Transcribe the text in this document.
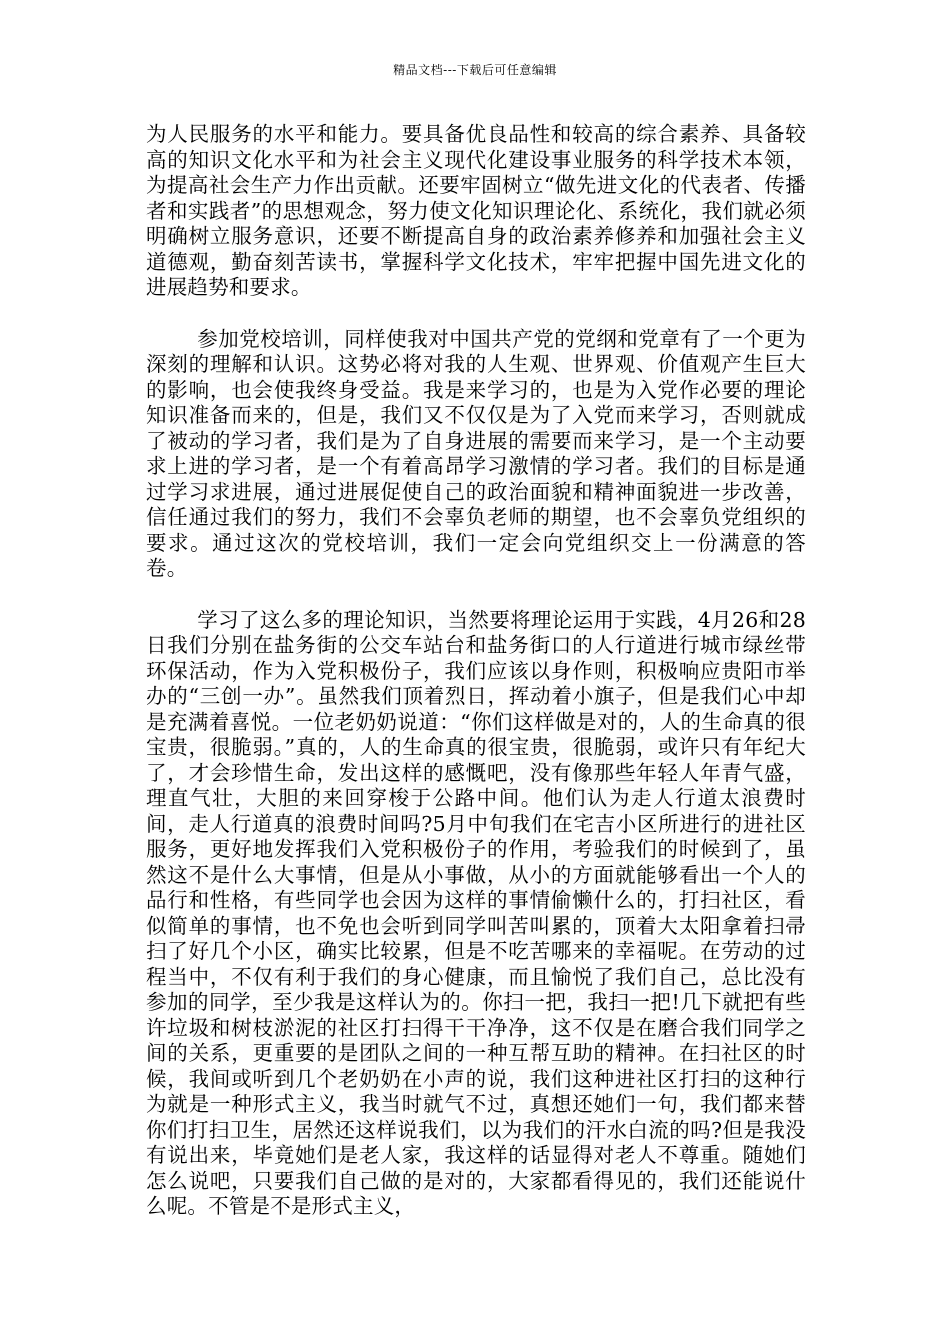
精品文档---下载后可任意编辑

为人民服务的水平和能力。要具备优良品性和较高的综合素养、具备较高的知识文化水平和为社会主义现代化建设事业服务的科学技术本领，为提高社会生产力作出贡献。还要牢固树立“做先进文化的代表者、传播者和实践者”的思想观念，努力使文化知识理论化、系统化，我们就必须明确树立服务意识，还要不断提高自身的政治素养修养和加强社会主义道德观，勤奋刻苦读书，掌握科学文化技术，牢牢把握中国先进文化的进展趋势和要求。

参加党校培训，同样使我对中国共产党的党纲和党章有了一个更为深刻的理解和认识。这势必将对我的人生观、世界观、价值观产生巨大的影响，也会使我终身受益。我是来学习的，也是为入党作必要的理论知识准备而来的，但是，我们又不仅仅是为了入党而来学习，否则就成了被动的学习者，我们是为了自身进展的需要而来学习，是一个主动要求上进的学习者，是一个有着高昂学习激情的学习者。我们的目标是通过学习求进展，通过进展促使自己的政治面貌和精神面貌进一步改善，信任通过我们的努力，我们不会辜负老师的期望，也不会辜负党组织的要求。通过这次的党校培训，我们一定会向党组织交上一份满意的答卷。

学习了这么多的理论知识，当然要将理论运用于实践，4月26和28日我们分别在盐务街的公交车站台和盐务街口的人行道进行城市绿丝带环保活动，作为入党积极份子，我们应该以身作则，积极响应贵阳市举办的“三创一办”。虽然我们顶着烈日，挥动着小旗子，但是我们心中却是充满着喜悦。一位老奶奶说道：“你们这样做是对的，人的生命真的很宝贵，很脆弱。”真的，人的生命真的很宝贵，很脆弱，或许只有年纪大了，才会珍惜生命，发出这样的感慨吧，没有像那些年轻人年青气盛，理直气壮，大胆的来回穿梭于公路中间。他们认为走人行道太浪费时间，走人行道真的浪费时间吗?5月中旬我们在宅吉小区所进行的进社区服务，更好地发挥我们入党积极份子的作用，考验我们的时候到了，虽然这不是什么大事情，但是从小事做，从小的方面就能够看出一个人的品行和性格，有些同学也会因为这样的事情偷懒什么的，打扫社区，看似简单的事情，也不免也会听到同学叫苦叫累的，顶着大太阳拿着扫帚扫了好几个小区，确实比较累，但是不吃苦哪来的幸福呢。在劳动的过程当中，不仅有利于我们的身心健康，而且愉悦了我们自己，总比没有参加的同学，至少我是这样认为的。你扫一把，我扫一把!几下就把有些许垃圾和树枝淤泥的社区打扫得干干净净，这不仅是在磨合我们同学之间的关系，更重要的是团队之间的一种互帮互助的精神。在扫社区的时候，我间或听到几个老奶奶在小声的说，我们这种进社区打扫的这种行为就是一种形式主义，我当时就气不过，真想还她们一句，我们都来替你们打扫卫生，居然还这样说我们，以为我们的汗水白流的吗?但是我没有说出来，毕竟她们是老人家，我这样的话显得对老人不尊重。随她们怎么说吧，只要我们自己做的是对的，大家都看得见的，我们还能说什么呢。不管是不是形式主义，
